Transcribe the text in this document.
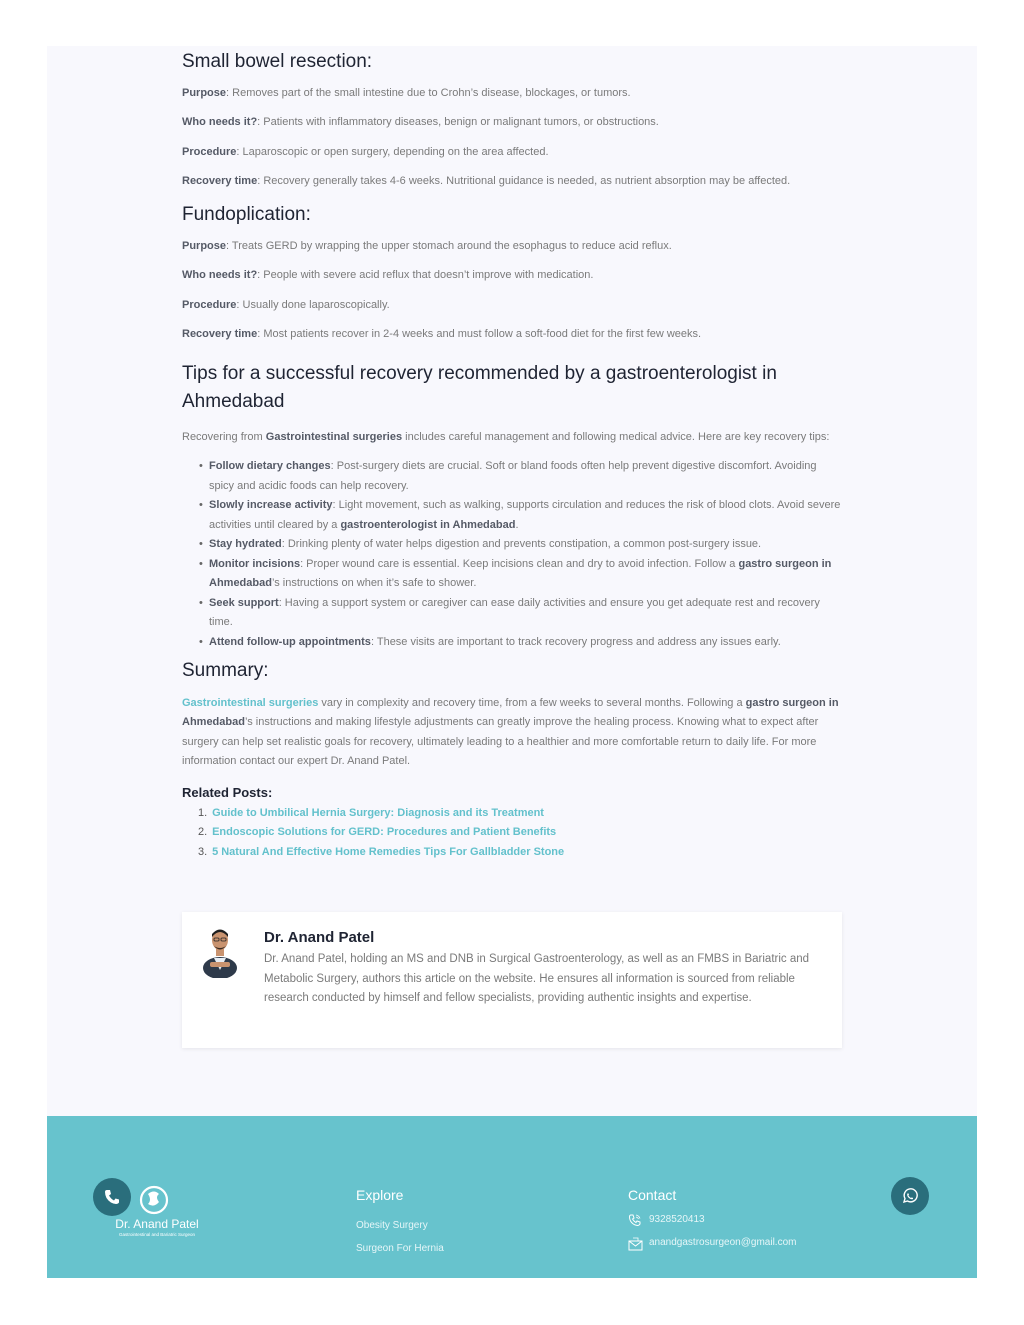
Small bowel resection:

Purpose: Removes part of the small intestine due to Crohn’s disease, blockages, or tumors.

Who needs it?: Patients with inflammatory diseases, benign or malignant tumors, or obstructions.

Procedure: Laparoscopic or open surgery, depending on the area affected.

Recovery time: Recovery generally takes 4-6 weeks. Nutritional guidance is needed, as nutrient absorption may be affected.

Fundoplication:

Purpose: Treats GERD by wrapping the upper stomach around the esophagus to reduce acid reflux.

Who needs it?: People with severe acid reflux that doesn’t improve with medication.

Procedure: Usually done laparoscopically.

Recovery time: Most patients recover in 2-4 weeks and must follow a soft-food diet for the first few weeks.

Tips for a successful recovery recommended by a gastroenterologist in Ahmedabad

Recovering from Gastrointestinal surgeries includes careful management and following medical advice. Here are key recovery tips:

• Follow dietary changes: Post-surgery diets are crucial. Soft or bland foods often help prevent digestive discomfort. Avoiding spicy and acidic foods can help recovery.
• Slowly increase activity: Light movement, such as walking, supports circulation and reduces the risk of blood clots. Avoid severe activities until cleared by a gastroenterologist in Ahmedabad.
• Stay hydrated: Drinking plenty of water helps digestion and prevents constipation, a common post-surgery issue.
• Monitor incisions: Proper wound care is essential. Keep incisions clean and dry to avoid infection. Follow a gastro surgeon in Ahmedabad’s instructions on when it’s safe to shower.
• Seek support: Having a support system or caregiver can ease daily activities and ensure you get adequate rest and recovery time.
• Attend follow-up appointments: These visits are important to track recovery progress and address any issues early.
Summary:

Gastrointestinal surgeries vary in complexity and recovery time, from a few weeks to several months. Following a gastro surgeon in Ahmedabad’s instructions and making lifestyle adjustments can greatly improve the healing process. Knowing what to expect after surgery can help set realistic goals for recovery, ultimately leading to a healthier and more comfortable return to daily life. For more information contact our expert Dr. Anand Patel.

Related Posts:
1. Guide to Umbilical Hernia Surgery: Diagnosis and its Treatment
2. Endoscopic Solutions for GERD: Procedures and Patient Benefits
3. 5 Natural And Effective Home Remedies Tips For Gallbladder Stone
Dr. Anand Patel
Dr. Anand Patel, holding an MS and DNB in Surgical Gastroenterology, as well as an FMBS in Bariatric and Metabolic Surgery, authors this article on the website. He ensures all information is sourced from reliable research conducted by himself and fellow specialists, providing authentic insights and expertise.
Dr. Anand Patel
Gastrointestinal and Bariatric Surgeon
Explore
Obesity Surgery
Surgeon For Hernia
Contact
9328520413
anandgastrosurgeon@gmail.com
